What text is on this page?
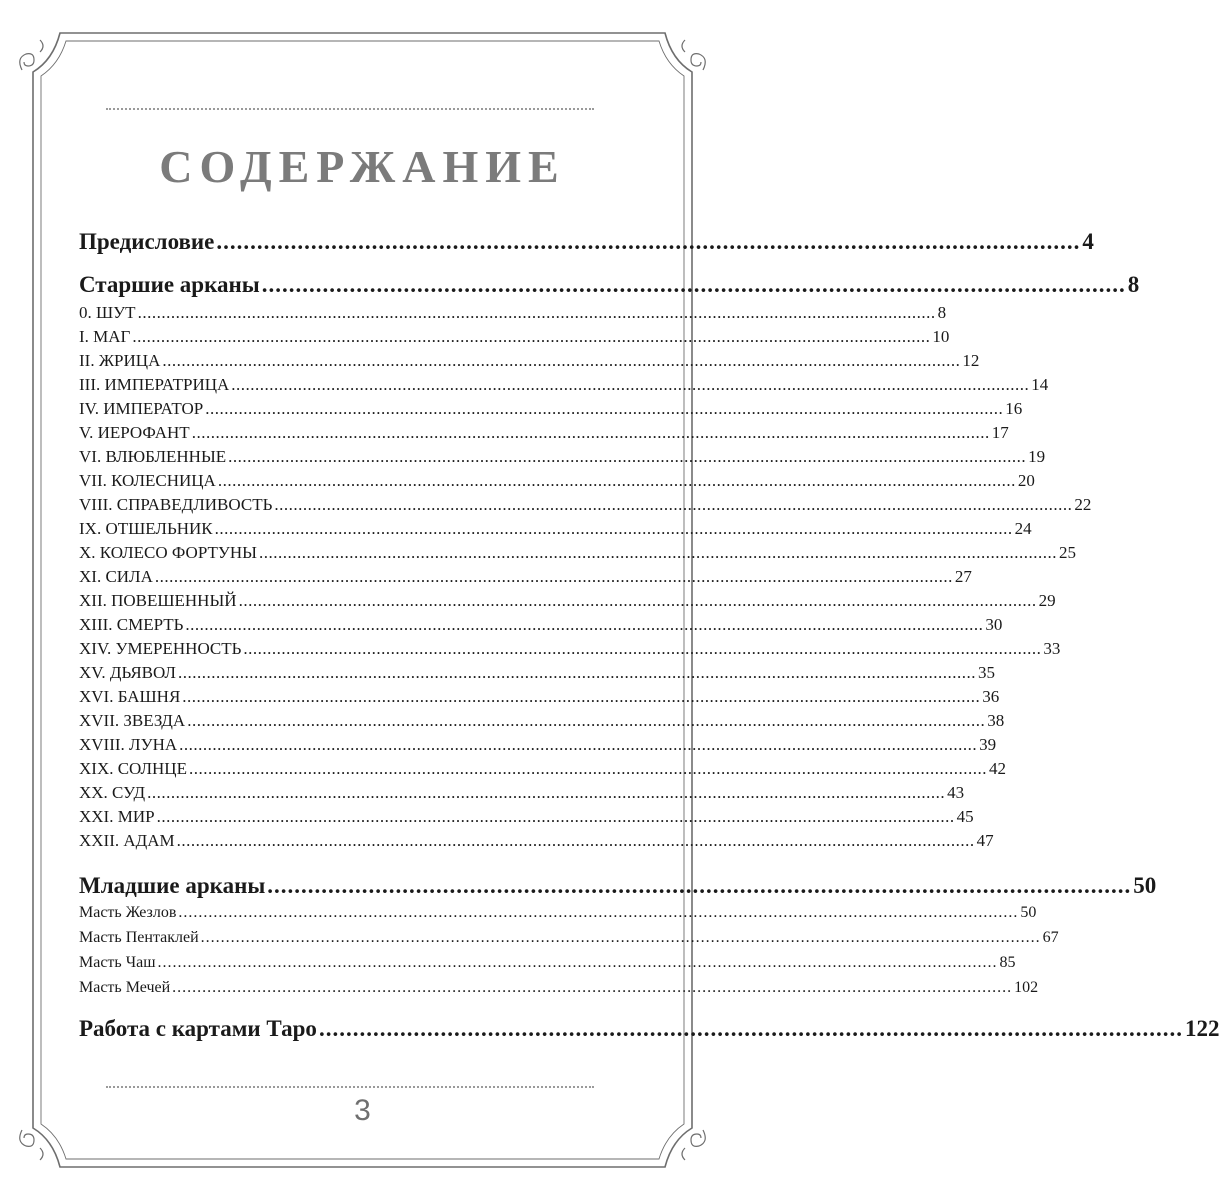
СОДЕРЖАНИЕ
Предисловие ................................................................................................................................ 4
Старшие арканы ................................................................................................................................ 8
0. ШУТ ........................................................................................................................................................................ 8
I. МАГ ........................................................................................................................................................................ 10
II. ЖРИЦА ........................................................................................................................................................................ 12
III. ИМПЕРАТРИЦА ........................................................................................................................................................................ 14
IV. ИМПЕРАТОР ........................................................................................................................................................................ 16
V. ИЕРОФАНТ ........................................................................................................................................................................ 17
VI. ВЛЮБЛЕННЫЕ ........................................................................................................................................................................ 19
VII. КОЛЕСНИЦА ........................................................................................................................................................................ 20
VIII. СПРАВЕДЛИВОСТЬ ........................................................................................................................................................................ 22
IX. ОТШЕЛЬНИК ........................................................................................................................................................................ 24
X. КОЛЕСО ФОРТУНЫ ........................................................................................................................................................................ 25
XI. СИЛА ........................................................................................................................................................................ 27
XII. ПОВЕШЕННЫЙ ........................................................................................................................................................................ 29
XIII. СМЕРТЬ ........................................................................................................................................................................ 30
XIV. УМЕРЕННОСТЬ ........................................................................................................................................................................ 33
XV. ДЬЯВОЛ ........................................................................................................................................................................ 35
XVI. БАШНЯ ........................................................................................................................................................................ 36
XVII. ЗВЕЗДА ........................................................................................................................................................................ 38
XVIII. ЛУНА ........................................................................................................................................................................ 39
XIX. СОЛНЦЕ ........................................................................................................................................................................ 42
XX. СУД ........................................................................................................................................................................ 43
XXI. МИР ........................................................................................................................................................................ 45
XXII. АДАМ ........................................................................................................................................................................ 47
Младшие арканы ................................................................................................................................ 50
Масть Жезлов ........................................................................................................................................................................ 50
Масть Пентаклей ........................................................................................................................................................................ 67
Масть Чаш ........................................................................................................................................................................ 85
Масть Мечей ........................................................................................................................................................................ 102
Работа с картами Таро ................................................................................................................................ 122
3
